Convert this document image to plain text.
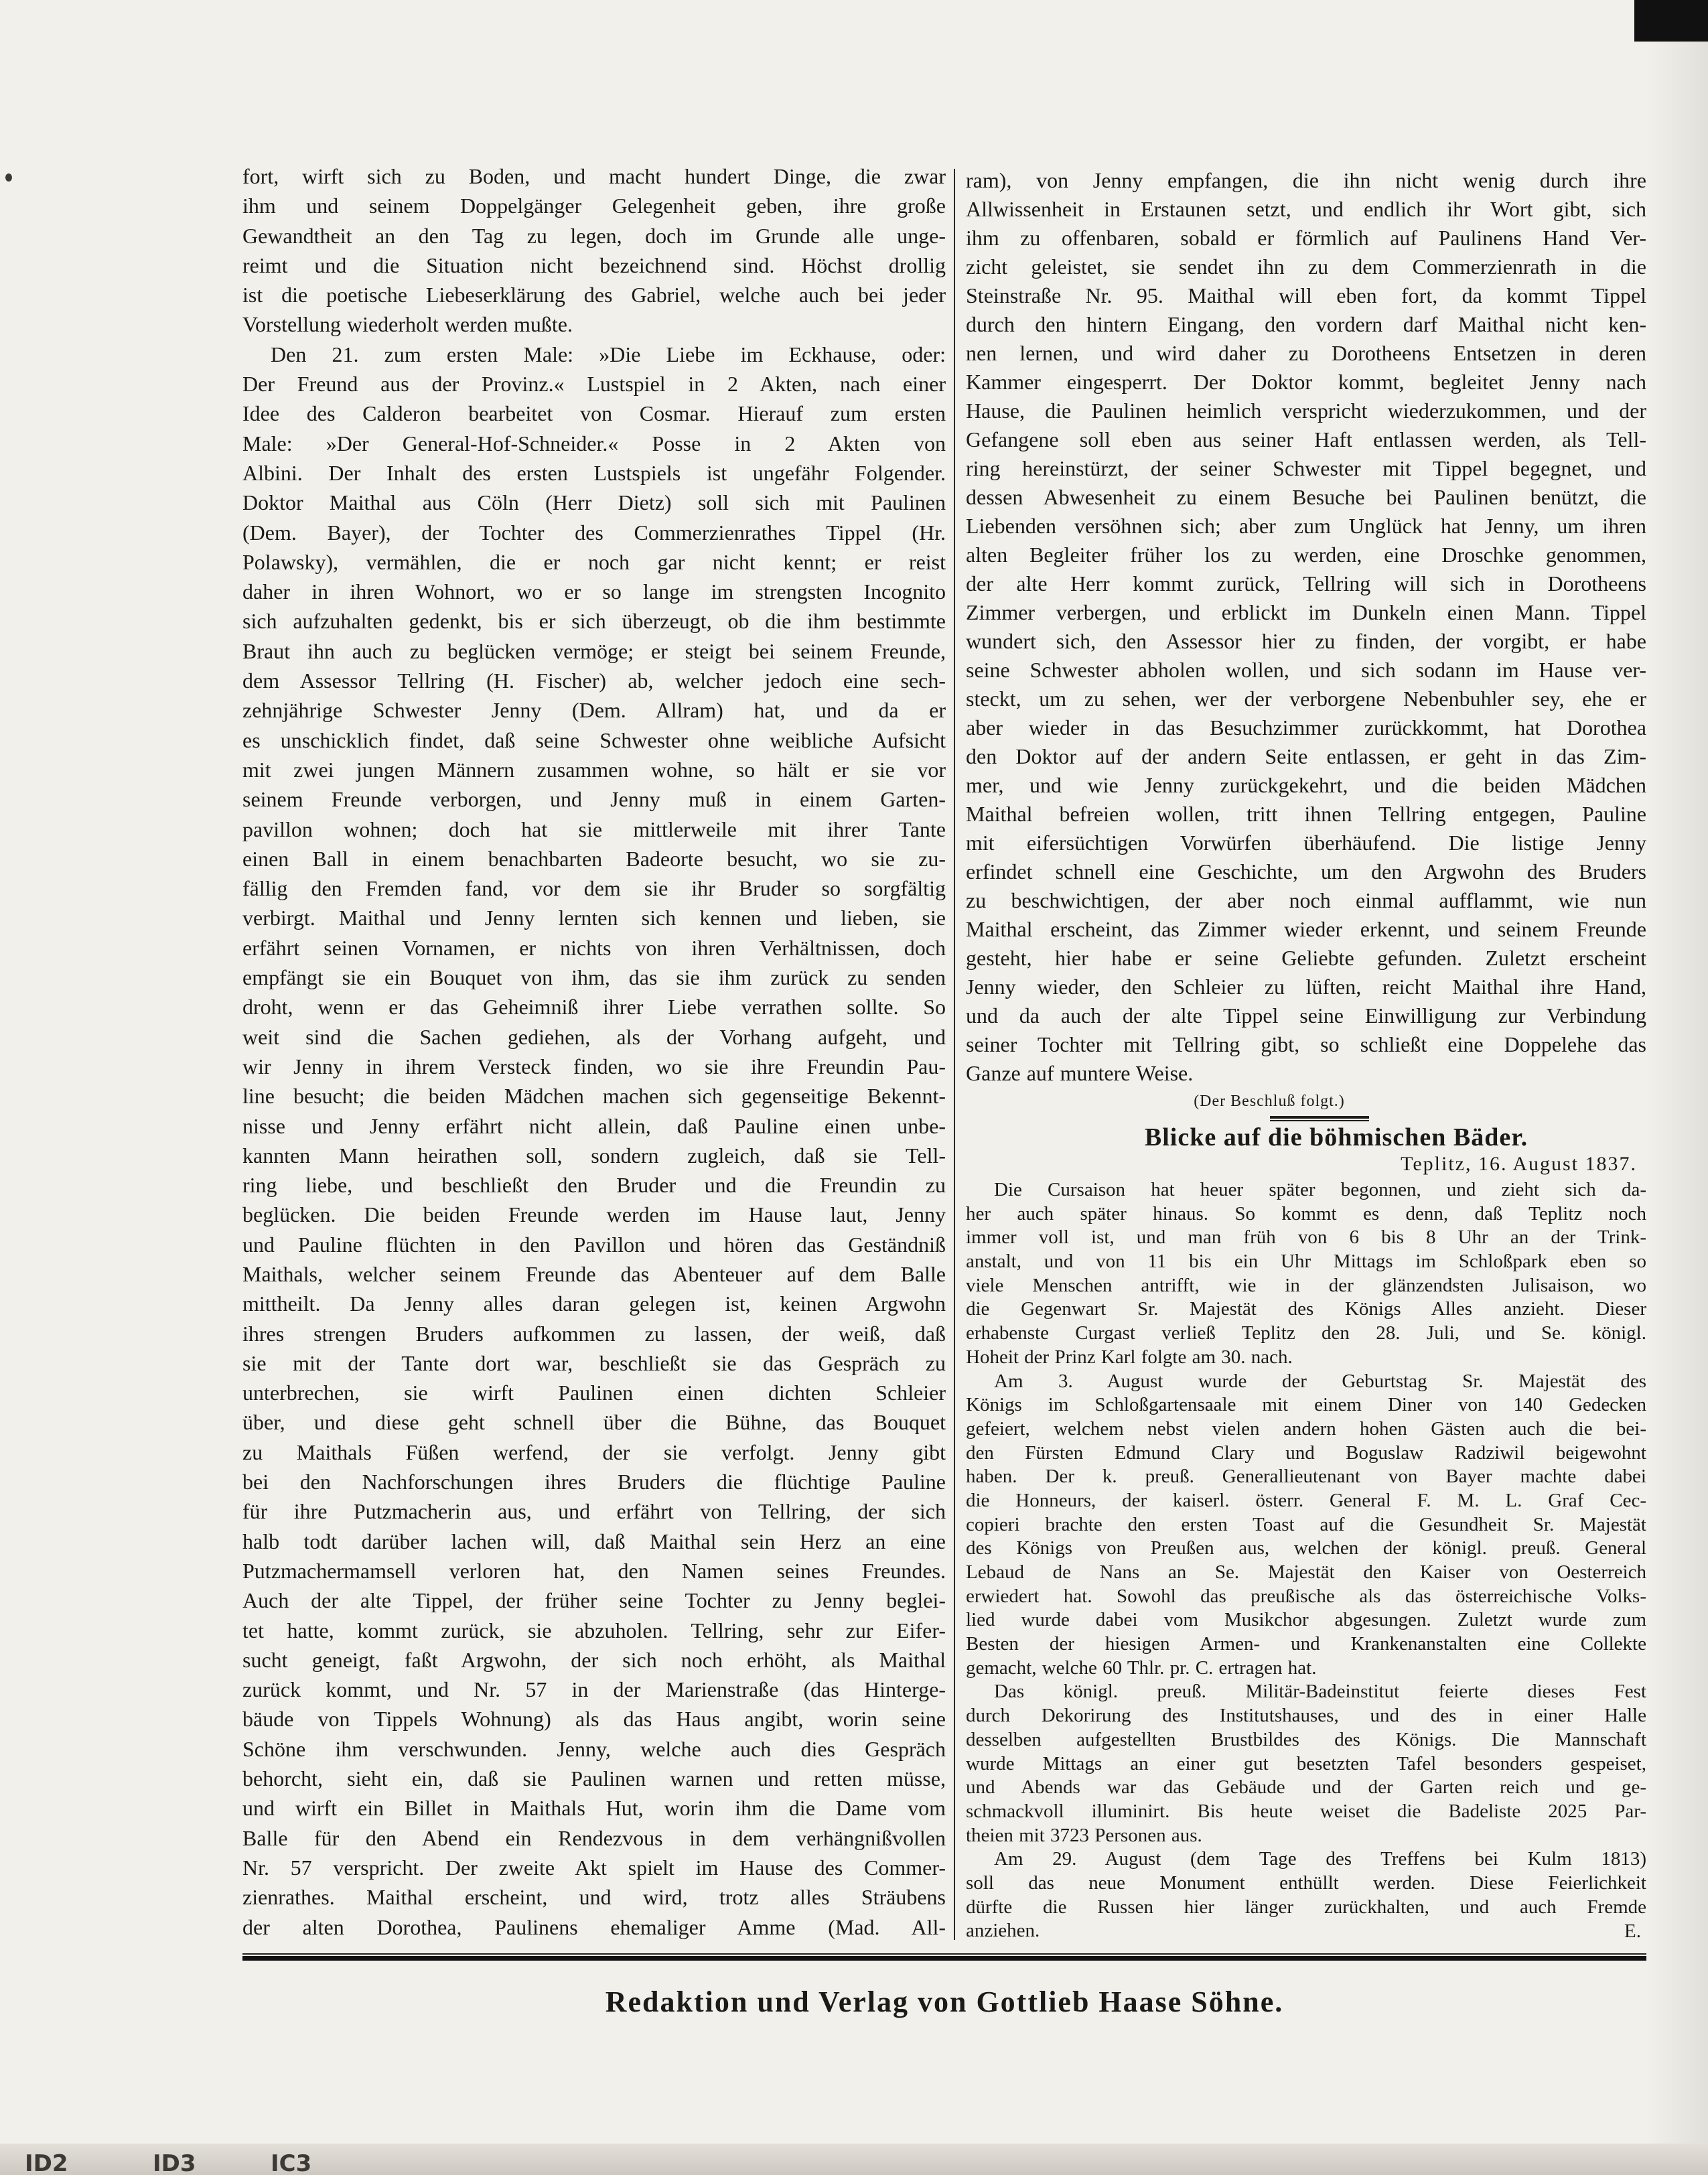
fort, wirft sich zu Boden, und macht hundert Dinge, die zwar
ihm und seinem Doppelgänger Gelegenheit geben, ihre große
Gewandtheit an den Tag zu legen, doch im Grunde alle unge-
reimt und die Situation nicht bezeichnend sind. Höchst drollig
ist die poetische Liebeserklärung des Gabriel, welche auch bei jeder
Vorstellung wiederholt werden mußte.
Den 21. zum ersten Male: »Die Liebe im Eckhause, oder:
Der Freund aus der Provinz.« Lustspiel in 2 Akten, nach einer
Idee des Calderon bearbeitet von Cosmar. Hierauf zum ersten
Male: »Der General-Hof-Schneider.« Posse in 2 Akten von
Albini. Der Inhalt des ersten Lustspiels ist ungefähr Folgender.
Doktor Maithal aus Cöln (Herr Dietz) soll sich mit Paulinen
(Dem. Bayer), der Tochter des Commerzienrathes Tippel (Hr.
Polawsky), vermählen, die er noch gar nicht kennt; er reist
daher in ihren Wohnort, wo er so lange im strengsten Incognito
sich aufzuhalten gedenkt, bis er sich überzeugt, ob die ihm bestimmte
Braut ihn auch zu beglücken vermöge; er steigt bei seinem Freunde,
dem Assessor Tellring (H. Fischer) ab, welcher jedoch eine sech-
zehnjährige Schwester Jenny (Dem. Allram) hat, und da er
es unschicklich findet, daß seine Schwester ohne weibliche Aufsicht
mit zwei jungen Männern zusammen wohne, so hält er sie vor
seinem Freunde verborgen, und Jenny muß in einem Garten-
pavillon wohnen; doch hat sie mittlerweile mit ihrer Tante
einen Ball in einem benachbarten Badeorte besucht, wo sie zu-
fällig den Fremden fand, vor dem sie ihr Bruder so sorgfältig
verbirgt. Maithal und Jenny lernten sich kennen und lieben, sie
erfährt seinen Vornamen, er nichts von ihren Verhältnissen, doch
empfängt sie ein Bouquet von ihm, das sie ihm zurück zu senden
droht, wenn er das Geheimniß ihrer Liebe verrathen sollte. So
weit sind die Sachen gediehen, als der Vorhang aufgeht, und
wir Jenny in ihrem Versteck finden, wo sie ihre Freundin Pau-
line besucht; die beiden Mädchen machen sich gegenseitige Bekennt-
nisse und Jenny erfährt nicht allein, daß Pauline einen unbe-
kannten Mann heirathen soll, sondern zugleich, daß sie Tell-
ring liebe, und beschließt den Bruder und die Freundin zu
beglücken. Die beiden Freunde werden im Hause laut, Jenny
und Pauline flüchten in den Pavillon und hören das Geständniß
Maithals, welcher seinem Freunde das Abenteuer auf dem Balle
mittheilt. Da Jenny alles daran gelegen ist, keinen Argwohn
ihres strengen Bruders aufkommen zu lassen, der weiß, daß
sie mit der Tante dort war, beschließt sie das Gespräch zu
unterbrechen, sie wirft Paulinen einen dichten Schleier
über, und diese geht schnell über die Bühne, das Bouquet
zu Maithals Füßen werfend, der sie verfolgt. Jenny gibt
bei den Nachforschungen ihres Bruders die flüchtige Pauline
für ihre Putzmacherin aus, und erfährt von Tellring, der sich
halb todt darüber lachen will, daß Maithal sein Herz an eine
Putzmachermamsell verloren hat, den Namen seines Freundes.
Auch der alte Tippel, der früher seine Tochter zu Jenny beglei-
tet hatte, kommt zurück, sie abzuholen. Tellring, sehr zur Eifer-
sucht geneigt, faßt Argwohn, der sich noch erhöht, als Maithal
zurück kommt, und Nr. 57 in der Marienstraße (das Hinterge-
bäude von Tippels Wohnung) als das Haus angibt, worin seine
Schöne ihm verschwunden. Jenny, welche auch dies Gespräch
behorcht, sieht ein, daß sie Paulinen warnen und retten müsse,
und wirft ein Billet in Maithals Hut, worin ihm die Dame vom
Balle für den Abend ein Rendezvous in dem verhängnißvollen
Nr. 57 verspricht. Der zweite Akt spielt im Hause des Commer-
zienrathes. Maithal erscheint, und wird, trotz alles Sträubens
der alten Dorothea, Paulinens ehemaliger Amme (Mad. All-
ram), von Jenny empfangen, die ihn nicht wenig durch ihre
Allwissenheit in Erstaunen setzt, und endlich ihr Wort gibt, sich
ihm zu offenbaren, sobald er förmlich auf Paulinens Hand Ver-
zicht geleistet, sie sendet ihn zu dem Commerzienrath in die
Steinstraße Nr. 95. Maithal will eben fort, da kommt Tippel
durch den hintern Eingang, den vordern darf Maithal nicht ken-
nen lernen, und wird daher zu Dorotheens Entsetzen in deren
Kammer eingesperrt. Der Doktor kommt, begleitet Jenny nach
Hause, die Paulinen heimlich verspricht wiederzukommen, und der
Gefangene soll eben aus seiner Haft entlassen werden, als Tell-
ring hereinstürzt, der seiner Schwester mit Tippel begegnet, und
dessen Abwesenheit zu einem Besuche bei Paulinen benützt, die
Liebenden versöhnen sich; aber zum Unglück hat Jenny, um ihren
alten Begleiter früher los zu werden, eine Droschke genommen,
der alte Herr kommt zurück, Tellring will sich in Dorotheens
Zimmer verbergen, und erblickt im Dunkeln einen Mann. Tippel
wundert sich, den Assessor hier zu finden, der vorgibt, er habe
seine Schwester abholen wollen, und sich sodann im Hause ver-
steckt, um zu sehen, wer der verborgene Nebenbuhler sey, ehe er
aber wieder in das Besuchzimmer zurückkommt, hat Dorothea
den Doktor auf der andern Seite entlassen, er geht in das Zim-
mer, und wie Jenny zurückgekehrt, und die beiden Mädchen
Maithal befreien wollen, tritt ihnen Tellring entgegen, Pauline
mit eifersüchtigen Vorwürfen überhäufend. Die listige Jenny
erfindet schnell eine Geschichte, um den Argwohn des Bruders
zu beschwichtigen, der aber noch einmal aufflammt, wie nun
Maithal erscheint, das Zimmer wieder erkennt, und seinem Freunde
gesteht, hier habe er seine Geliebte gefunden. Zuletzt erscheint
Jenny wieder, den Schleier zu lüften, reicht Maithal ihre Hand,
und da auch der alte Tippel seine Einwilligung zur Verbindung
seiner Tochter mit Tellring gibt, so schließt eine Doppelehe das
Ganze auf muntere Weise.
(Der Beschluß folgt.)
Blicke auf die böhmischen Bäder.
Teplitz, 16. August 1837.
Die Cursaison hat heuer später begonnen, und zieht sich da-
her auch später hinaus. So kommt es denn, daß Teplitz noch
immer voll ist, und man früh von 6 bis 8 Uhr an der Trink-
anstalt, und von 11 bis ein Uhr Mittags im Schloßpark eben so
viele Menschen antrifft, wie in der glänzendsten Julisaison, wo
die Gegenwart Sr. Majestät des Königs Alles anzieht. Dieser
erhabenste Curgast verließ Teplitz den 28. Juli, und Se. königl.
Hoheit der Prinz Karl folgte am 30. nach.
Am 3. August wurde der Geburtstag Sr. Majestät des
Königs im Schloßgartensaale mit einem Diner von 140 Gedecken
gefeiert, welchem nebst vielen andern hohen Gästen auch die bei-
den Fürsten Edmund Clary und Boguslaw Radziwil beigewohnt
haben. Der k. preuß. Generallieutenant von Bayer machte dabei
die Honneurs, der kaiserl. österr. General F. M. L. Graf Cec-
copieri brachte den ersten Toast auf die Gesundheit Sr. Majestät
des Königs von Preußen aus, welchen der königl. preuß. General
Lebaud de Nans an Se. Majestät den Kaiser von Oesterreich
erwiedert hat. Sowohl das preußische als das österreichische Volks-
lied wurde dabei vom Musikchor abgesungen. Zuletzt wurde zum
Besten der hiesigen Armen- und Krankenanstalten eine Collekte
gemacht, welche 60 Thlr. pr. C. ertragen hat.
Das königl. preuß. Militär-Badeinstitut feierte dieses Fest
durch Dekorirung des Institutshauses, und des in einer Halle
desselben aufgestellten Brustbildes des Königs. Die Mannschaft
wurde Mittags an einer gut besetzten Tafel besonders gespeiset,
und Abends war das Gebäude und der Garten reich und ge-
schmackvoll illuminirt. Bis heute weiset die Badeliste 2025 Par-
theien mit 3723 Personen aus.
Am 29. August (dem Tage des Treffens bei Kulm 1813)
soll das neue Monument enthüllt werden. Diese Feierlichkeit
dürfte die Russen hier länger zurückhalten, und auch Fremde
anziehen.	E.
Redaktion und Verlag von Gottlieb Haase Söhne.
ID2	ID3	IC3
